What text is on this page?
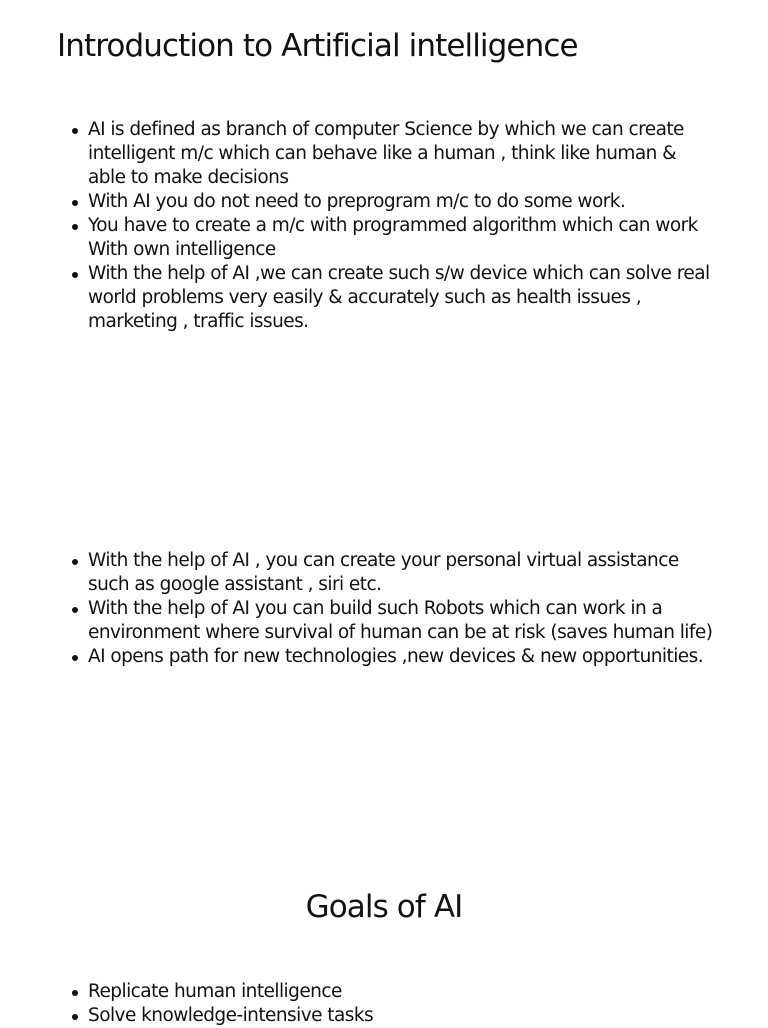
Introduction to Artificial intelligence
AI is defined as branch of computer Science by which we can create intelligent m/c which can behave like a human , think like human & able to make decisions
With AI you do not need to preprogram m/c to do some work.
You have to create a m/c with programmed algorithm which can work With own intelligence
With the help of AI ,we can create such s/w device which can solve real world problems very easily & accurately such as health issues , marketing , traffic issues.
With the help of AI , you can create your personal virtual assistance such as google assistant , siri etc.
With the help of AI you can build such Robots which can work in a environment where survival of human can be at risk (saves human life)
AI opens path for new technologies ,new devices & new opportunities.
Goals of AI
Replicate human intelligence
Solve knowledge-intensive tasks
